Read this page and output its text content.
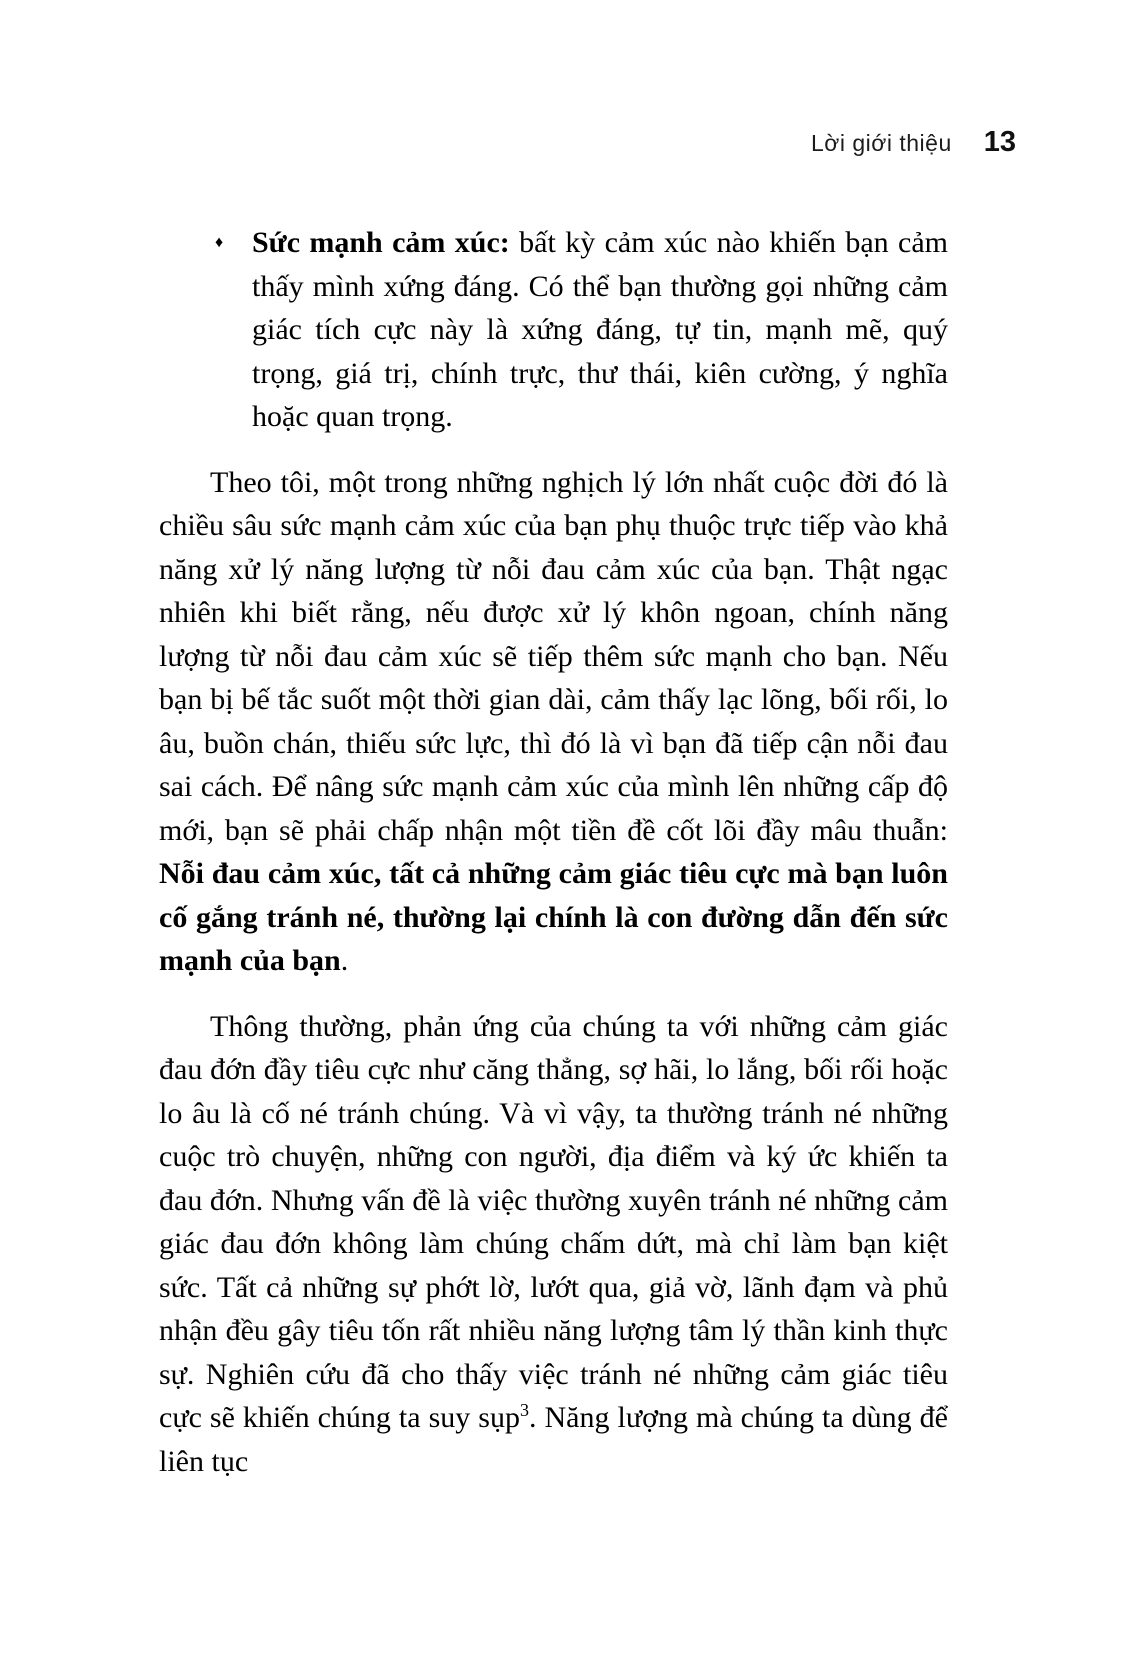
Lời giới thiệu 13
♦ Sức mạnh cảm xúc: bất kỳ cảm xúc nào khiến bạn cảm thấy mình xứng đáng. Có thể bạn thường gọi những cảm giác tích cực này là xứng đáng, tự tin, mạnh mẽ, quý trọng, giá trị, chính trực, thư thái, kiên cường, ý nghĩa hoặc quan trọng.

Theo tôi, một trong những nghịch lý lớn nhất cuộc đời đó là chiều sâu sức mạnh cảm xúc của bạn phụ thuộc trực tiếp vào khả năng xử lý năng lượng từ nỗi đau cảm xúc của bạn. Thật ngạc nhiên khi biết rằng, nếu được xử lý khôn ngoan, chính năng lượng từ nỗi đau cảm xúc sẽ tiếp thêm sức mạnh cho bạn. Nếu bạn bị bế tắc suốt một thời gian dài, cảm thấy lạc lõng, bối rối, lo âu, buồn chán, thiếu sức lực, thì đó là vì bạn đã tiếp cận nỗi đau sai cách. Để nâng sức mạnh cảm xúc của mình lên những cấp độ mới, bạn sẽ phải chấp nhận một tiền đề cốt lõi đầy mâu thuẫn: Nỗi đau cảm xúc, tất cả những cảm giác tiêu cực mà bạn luôn cố gắng tránh né, thường lại chính là con đường dẫn đến sức mạnh của bạn.

Thông thường, phản ứng của chúng ta với những cảm giác đau đớn đầy tiêu cực như căng thẳng, sợ hãi, lo lắng, bối rối hoặc lo âu là cố né tránh chúng. Và vì vậy, ta thường tránh né những cuộc trò chuyện, những con người, địa điểm và ký ức khiến ta đau đớn. Nhưng vấn đề là việc thường xuyên tránh né những cảm giác đau đớn không làm chúng chấm dứt, mà chỉ làm bạn kiệt sức. Tất cả những sự phớt lờ, lướt qua, giả vờ, lãnh đạm và phủ nhận đều gây tiêu tốn rất nhiều năng lượng tâm lý thần kinh thực sự. Nghiên cứu đã cho thấy việc tránh né những cảm giác tiêu cực sẽ khiến chúng ta suy sụp$^3$. Năng lượng mà chúng ta dùng để liên tục
